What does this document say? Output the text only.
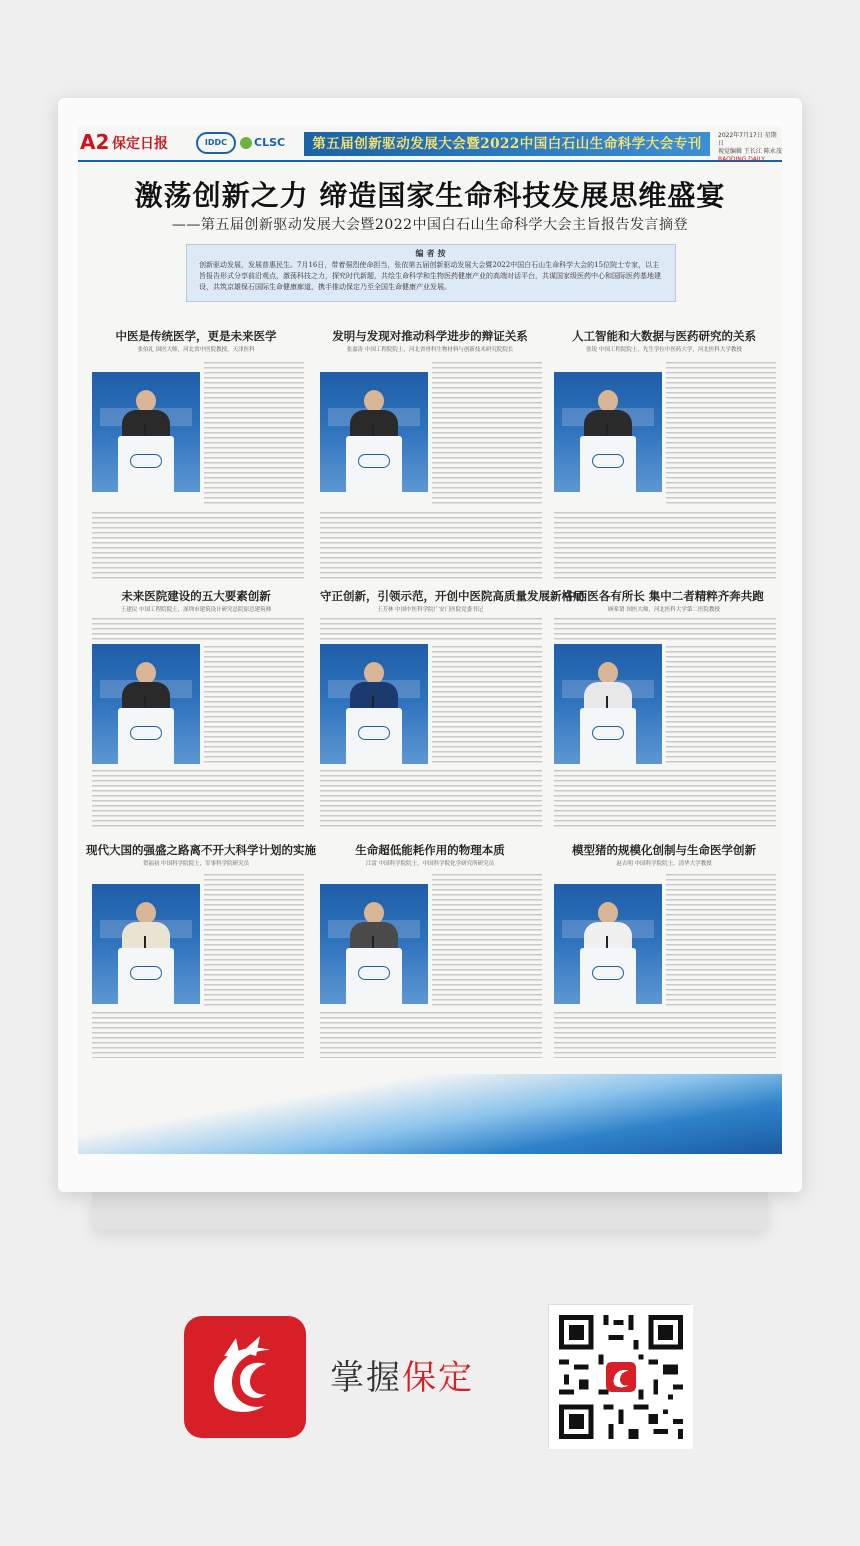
A2 保定日报	IDDC	CLSC	第五届创新驱动发展大会暨2022中国白石山生命科学大会专刊
2022年7月17日 星期日
视觉编辑 王长江 陈永茂
BAODING DAILY
激荡创新之力 缔造国家生命科技发展思维盛宴
——第五届创新驱动发展大会暨2022中国白石山生命科学大会主旨报告发言摘登
编者按
创新驱动发展，发展普惠民生。7月16日，带着强烈使命担当，张依第五届创新驱动发展大会暨2022中国白石山生命科学大会的15位院士专家，以主旨报告形式分享前沿观点，激荡科技之力，探究时代新题，共绘生命科学和生物医药健康产业的高端对话平台，共谋国家级医药中心和国际医药基地建设，共筑京雄保石国际生命健康廊道，携手推动保定乃至全国生命健康产业发展。
中医是传统医学，更是未来医学
张伯礼 国医大师，河北省中医院教授，天津医科
发明与发现对推动科学进步的辩证关系
张嘉涛 中国工程院院士，河北省骨科生物材料与创新技术研究院院长
人工智能和大数据与医药研究的关系
张锐 中国工程院院士，先生学位中医药大学，河北医科大学教授
未来医院建设的五大要素创新
王建民 中国工程院院士，深圳市建筑设计研究总院原总建筑师
守正创新，引领示范，开创中医院高质量发展新格局
王芳林 中国中医科学院广安门医院党委书记
中西医各有所长 集中二者精粹齐奔共跑
顾希贤 国医大师，河北医科大学第二医院教授
现代大国的强盛之路离不开大科学计划的实施
贺福初 中国科学院院士，军事科学院研究员
生命超低能耗作用的物理本质
江雷 中国科学院院士，中国科学院化学研究所研究员
模型猪的规模化创制与生命医学创新
赵吉明 中国科学院院士，清华大学教授
掌握保定
